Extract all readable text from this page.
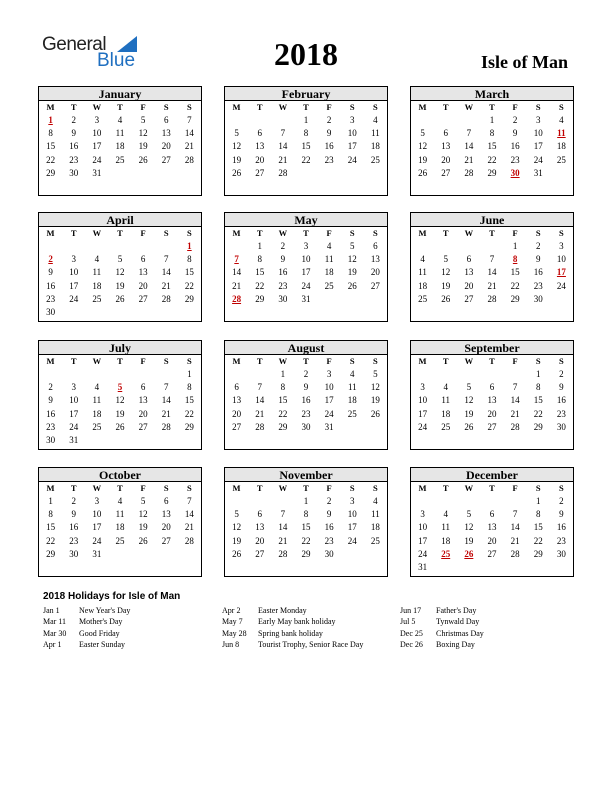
General
Blue	2018	Isle of Man
January
M	T	W	T	F	S	S
1	2	3	4	5	6	7
8	9	10	11	12	13	14
15	16	17	18	19	20	21
22	23	24	25	26	27	28
29	30	31				
February
M	T	W	T	F	S	S
			1	2	3	4
5	6	7	8	9	10	11
12	13	14	15	16	17	18
19	20	21	22	23	24	25
26	27	28				
March
M	T	W	T	F	S	S
			1	2	3	4
5	6	7	8	9	10	11
12	13	14	15	16	17	18
19	20	21	22	23	24	25
26	27	28	29	30	31	
April
M	T	W	T	F	S	S
						1
2	3	4	5	6	7	8
9	10	11	12	13	14	15
16	17	18	19	20	21	22
23	24	25	26	27	28	29
30						
May
M	T	W	T	F	S	S
	1	2	3	4	5	6
7	8	9	10	11	12	13
14	15	16	17	18	19	20
21	22	23	24	25	26	27
28	29	30	31			
June
M	T	W	T	F	S	S
				1	2	3
4	5	6	7	8	9	10
11	12	13	14	15	16	17
18	19	20	21	22	23	24
25	26	27	28	29	30	
July
M	T	W	T	F	S	S
						1
2	3	4	5	6	7	8
9	10	11	12	13	14	15
16	17	18	19	20	21	22
23	24	25	26	27	28	29
30	31					
August
M	T	W	T	F	S	S
		1	2	3	4	5
6	7	8	9	10	11	12
13	14	15	16	17	18	19
20	21	22	23	24	25	26
27	28	29	30	31		
September
M	T	W	T	F	S	S
					1	2
3	4	5	6	7	8	9
10	11	12	13	14	15	16
17	18	19	20	21	22	23
24	25	26	27	28	29	30
October
M	T	W	T	F	S	S
1	2	3	4	5	6	7
8	9	10	11	12	13	14
15	16	17	18	19	20	21
22	23	24	25	26	27	28
29	30	31				
November
M	T	W	T	F	S	S
			1	2	3	4
5	6	7	8	9	10	11
12	13	14	15	16	17	18
19	20	21	22	23	24	25
26	27	28	29	30		
December
M	T	W	T	F	S	S
					1	2
3	4	5	6	7	8	9
10	11	12	13	14	15	16
17	18	19	20	21	22	23
24	25	26	27	28	29	30
31						
2018 Holidays for Isle of Man
Jan 1 New Year's Day
Mar 11 Mother's Day
Mar 30 Good Friday
Apr 1 Easter Sunday
Apr 2 Easter Monday
May 7 Early May bank holiday
May 28 Spring bank holiday
Jun 8 Tourist Trophy, Senior Race Day
Jun 17 Father's Day
Jul 5	Tynwald Day
Dec 25 Christmas Day
Dec 26 Boxing Day
